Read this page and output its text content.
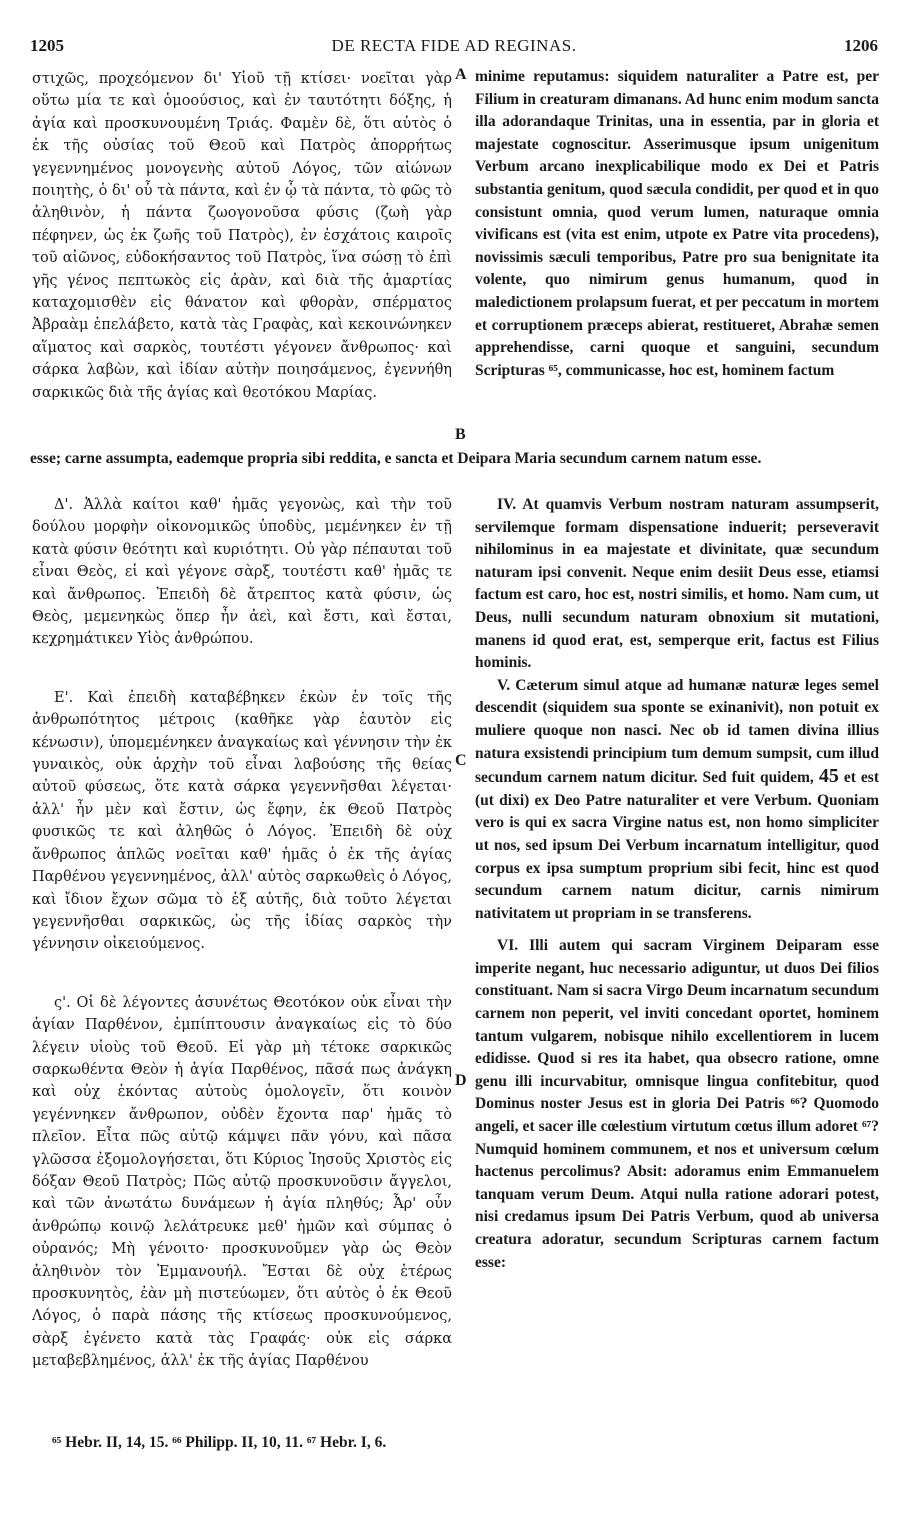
1205	DE RECTA FIDE AD REGINAS.	1206

στιχῶς, προχεόμενον δι' Υἱοῦ τῇ κτίσει· νοεῖται γὰρ οὕτω μία τε καὶ ὁμοούσιος, καὶ ἐν ταυτότητι δόξης, ἡ ἁγία καὶ προσκυνουμένη Τριάς. Φαμὲν δὲ, ὅτι αὐτὸς ὁ ἐκ τῆς οὐσίας τοῦ Θεοῦ καὶ Πατρὸς ἀπορρήτως γεγεννημένος μονογενὴς αὐτοῦ Λόγος, τῶν αἰώνων ποιητὴς, ὁ δι' οὗ τὰ πάντα, καὶ ἐν ᾧ τὰ πάντα, τὸ φῶς τὸ ἀληθινὸν, ἡ πάντα ζωογονοῦσα φύσις (ζωὴ γὰρ πέφηνεν, ὡς ἐκ ζωῆς τοῦ Πατρὸς), ἐν ἐσχάτοις καιροῖς τοῦ αἰῶνος, εὐδοκήσαντος τοῦ Πατρὸς, ἵνα σώσῃ τὸ ἐπὶ γῆς γένος πεπτωκὸς εἰς ἀρὰν, καὶ διὰ τῆς ἁμαρτίας καταχομισθὲν εἰς θάνατον καὶ φθορὰν, σπέρματος Ἀβραὰμ ἐπελάβετο, κατὰ τὰς Γραφὰς, καὶ κεκοινώνηκεν αἵματος καὶ σαρκὸς, τουτέστι γέγονεν ἄνθρωπος· καὶ σάρκα λαβὼν, καὶ ἰδίαν αὐτὴν ποιησάμενος, ἐγεννήθη σαρκικῶς διὰ τῆς ἁγίας καὶ θεοτόκου Μαρίας.

minime reputamus: siquidem naturaliter a Patre est, per Filium in creaturam dimanans. Ad hunc enim modum sancta illa adorandaque Trinitas, una in essentia, par in gloria et majestate cognoscitur. Asserimusque ipsum unigenitum Verbum arcano inexplicabilique modo ex Dei et Patris substantia genitum, quod sæcula condidit, per quod et in quo consistunt omnia, quod verum lumen, naturaque omnia vivificans est (vita est enim, utpote ex Patre vita procedens), novissimis sæculi temporibus, Patre pro sua benignitate ita volente, quo nimirum genus humanum, quod in maledictionem prolapsum fuerat, et per peccatum in mortem et corruptionem præceps abierat, restitueret, Abrahæ semen apprehendisse, carni quoque et sanguini, secundum Scripturas ⁶⁵, communicasse, hoc est, hominem factum

A
B
esse; carne assumpta, eademque propria sibi reddita, e sancta et Deipara Maria secundum carnem natum esse.

Δ'. Ἀλλὰ καίτοι καθ' ἡμᾶς γεγονὼς, καὶ τὴν τοῦ δούλου μορφὴν οἰκονομικῶς ὑποδὺς, μεμένηκεν ἐν τῇ κατὰ φύσιν θεότητι καὶ κυριότητι. Οὐ γὰρ πέπαυται τοῦ εἶναι Θεὸς, εἰ καὶ γέγονε σὰρξ, τουτέστι καθ' ἡμᾶς τε καὶ ἄνθρωπος. Ἐπειδὴ δὲ ἄτρεπτος κατὰ φύσιν, ὡς Θεὸς, μεμενηκὼς ὅπερ ἦν ἀεὶ, καὶ ἔστι, καὶ ἔσται, κεχρημάτικεν Υἱὸς ἀνθρώπου.

Ε'. Καὶ ἐπειδὴ καταβέβηκεν ἑκὼν ἐν τοῖς τῆς ἀνθρωπότητος μέτροις (καθῆκε γὰρ ἑαυτὸν εἰς κένωσιν), ὑπομεμένηκεν ἀναγκαίως καὶ γέννησιν τὴν ἐκ γυναικὸς, οὐκ ἀρχὴν τοῦ εἶναι λαβούσης τῆς θείας αὐτοῦ φύσεως, ὅτε κατὰ σάρκα γεγεννῆσθαι λέγεται· ἀλλ' ἦν μὲν καὶ ἔστιν, ὡς ἔφην, ἐκ Θεοῦ Πατρὸς φυσικῶς τε καὶ ἀληθῶς ὁ Λόγος. Ἐπειδὴ δὲ οὐχ ἄνθρωπος ἁπλῶς νοεῖται καθ' ἡμᾶς ὁ ἐκ τῆς ἁγίας Παρθένου γεγεννημένος, ἀλλ' αὐτὸς σαρκωθεὶς ὁ Λόγος, καὶ ἴδιον ἔχων σῶμα τὸ ἐξ αὐτῆς, διὰ τοῦτο λέγεται γεγεννῆσθαι σαρκικῶς, ὡς τῆς ἰδίας σαρκὸς τὴν γέννησιν οἰκειούμενος.

ς'. Οἱ δὲ λέγοντες ἀσυνέτως Θεοτόκον οὐκ εἶναι τὴν ἁγίαν Παρθένον, ἐμπίπτουσιν ἀναγκαίως εἰς τὸ δύο λέγειν υἱοὺς τοῦ Θεοῦ. Εἰ γὰρ μὴ τέτοκε σαρκικῶς σαρκωθέντα Θεὸν ἡ ἁγία Παρθένος, πᾶσά πως ἀνάγκη καὶ οὐχ ἑκόντας αὐτοὺς ὁμολογεῖν, ὅτι κοινὸν γεγέννηκεν ἄνθρωπον, οὐδὲν ἔχοντα παρ' ἡμᾶς τὸ πλεῖον. Εἶτα πῶς αὐτῷ κάμψει πᾶν γόνυ, καὶ πᾶσα γλῶσσα ἐξομολογήσεται, ὅτι Κύριος Ἰησοῦς Χριστὸς εἰς δόξαν Θεοῦ Πατρὸς; Πῶς αὐτῷ προσκυνοῦσιν ἄγγελοι, καὶ τῶν ἀνωτάτω δυνάμεων ἡ ἁγία πληθύς; Ἆρ' οὖν ἀνθρώπῳ κοινῷ λελάτρευκε μεθ' ἡμῶν καὶ σύμπας ὁ οὐρανός; Μὴ γένοιτο· προσκυνοῦμεν γὰρ ὡς Θεὸν ἀληθινὸν τὸν Ἐμμανουήλ. Ἔσται δὲ οὐχ ἑτέρως προσκυνητὸς, ἐὰν μὴ πιστεύωμεν, ὅτι αὐτὸς ὁ ἐκ Θεοῦ Λόγος, ὁ παρὰ πάσης τῆς κτίσεως προσκυνούμενος, σὰρξ ἐγένετο κατὰ τὰς Γραφάς· οὐκ εἰς σάρκα μεταβεβλημένος, ἀλλ' ἐκ τῆς ἁγίας Παρθένου

C
D

IV. At quamvis Verbum nostram naturam assumpserit, servilemque formam dispensatione induerit; perseveravit nihilominus in ea majestate et divinitate, quæ secundum naturam ipsi convenit. Neque enim desiit Deus esse, etiamsi factum est caro, hoc est, nostri similis, et homo. Nam cum, ut Deus, nulli secundum naturam obnoxium sit mutationi, manens id quod erat, est, semperque erit, factus est Filius hominis.

V. Cæterum simul atque ad humanæ naturæ leges semel descendit (siquidem sua sponte se exinanivit), non potuit ex muliere quoque non nasci. Nec ob id tamen divina illius natura exsistendi principium tum demum sumpsit, cum illud secundum carnem natum dicitur. Sed fuit quidem, 45 et est (ut dixi) ex Deo Patre naturaliter et vere Verbum. Quoniam vero is qui ex sacra Virgine natus est, non homo simpliciter ut nos, sed ipsum Dei Verbum incarnatum intelligitur, quod corpus ex ipsa sumptum proprium sibi fecit, hinc est quod secundum carnem natum dicitur, carnis nimirum nativitatem ut propriam in se transferens.

VI. Illi autem qui sacram Virginem Deiparam esse imperite negant, huc necessario adiguntur, ut duos Dei filios constituant. Nam si sacra Virgo Deum incarnatum secundum carnem non peperit, vel inviti concedant oportet, hominem tantum vulgarem, nobisque nihilo excellentiorem in lucem edidisse. Quod si res ita habet, qua obsecro ratione, omne genu illi incurvabitur, omnisque lingua confitebitur, quod Dominus noster Jesus est in gloria Dei Patris ⁶⁶? Quomodo angeli, et sacer ille cœlestium virtutum cœtus illum adoret ⁶⁷? Numquid hominem communem, et nos et universum cœlum hactenus percolimus? Absit: adoramus enim Emmanuelem tanquam verum Deum. Atqui nulla ratione adorari potest, nisi credamus ipsum Dei Patris Verbum, quod ab universa creatura adoratur, secundum Scripturas carnem factum esse:

⁶⁵ Hebr. II, 14, 15. ⁶⁶ Philipp. II, 10, 11. ⁶⁷ Hebr. I, 6.
